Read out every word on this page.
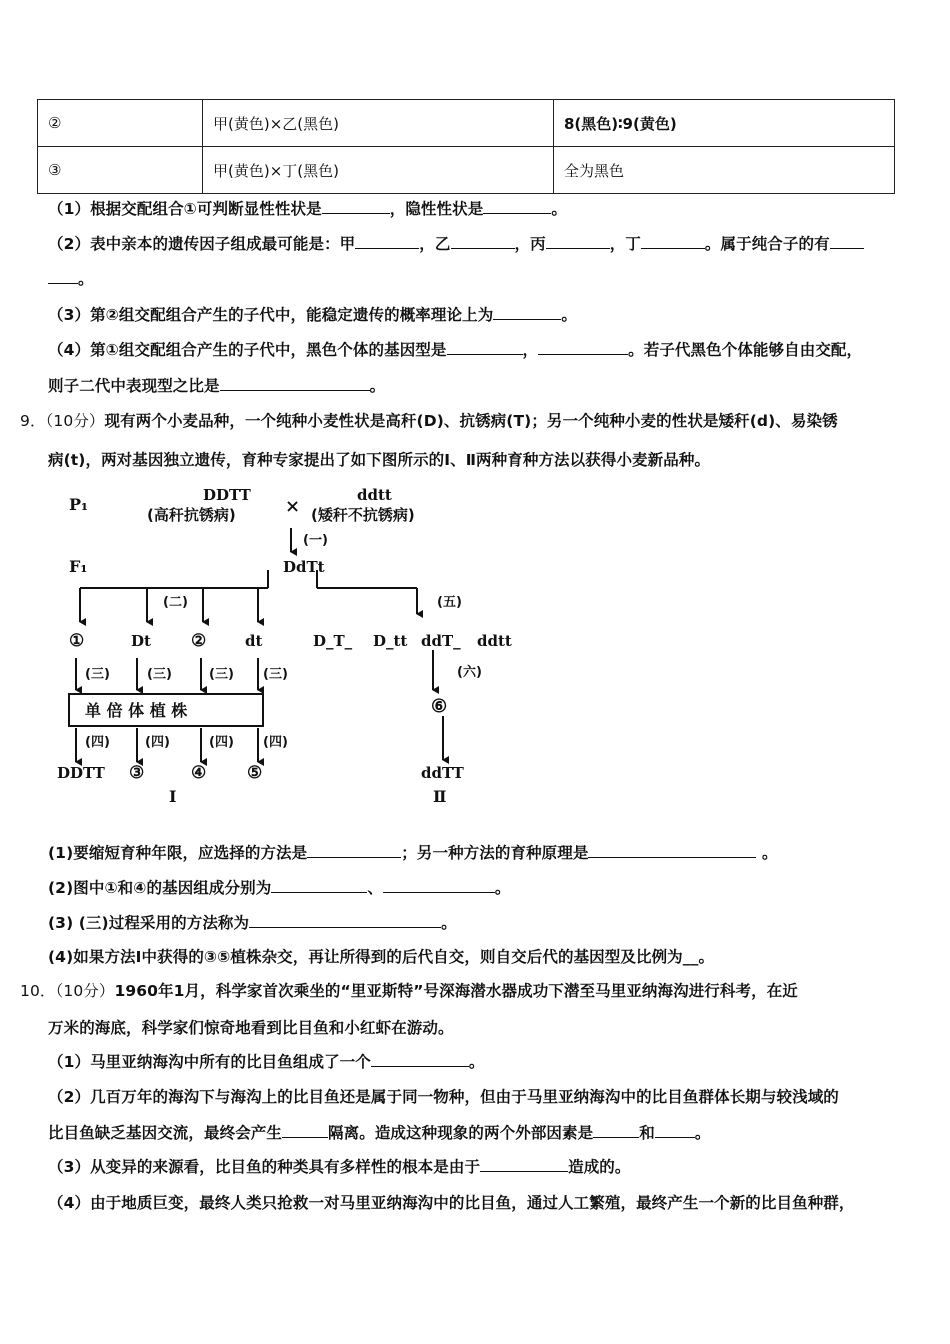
②	甲(黄色)×乙(黑色)	8(黑色)∶9(黄色)
③	甲(黄色)×丁(黑色)	全为黑色
（1）根据交配组合①可判断显性性状是	，隐性性状是	。
（2）表中亲本的遗传因子组成最可能是：甲	，乙	，丙	，丁	。属于纯合子的有
。
（3）第②组交配组合产生的子代中，能稳定遗传的概率理论上为	。
（4）第①组交配组合产生的子代中，黑色个体的基因型是	，	。若子代黑色个体能够自由交配，
则子二代中表现型之比是	。
9．（10分）现有两个小麦品种，一个纯种小麦性状是高秆(D)、抗锈病(T)；另一个纯种小麦的性状是矮秆(d)、易染锈
病(t)，两对基因独立遗传，育种专家提出了如下图所示的Ⅰ、Ⅱ两种育种方法以获得小麦新品种。
P₁	DDTT
(高秆抗锈病)	×
ddtt
(矮秆不抗锈病)
(一)
F₁	DdTt
(二)	(五)
①	Dt ②	dt	D_T_ D_tt ddT_ ddtt
(三)	(三)	(三) (三)
单 倍 体 植 株
(四)	(四)	(四) (四)
(六)
⑥
DDTT ③	④ ⑤	ddTT
Ⅰ	Ⅱ
(1)要缩短育种年限，应选择的方法是	；另一种方法的育种原理是	。
(2)图中①和④的基因组成分别为	、	。
(3) (三)过程采用的方法称为	。
(4)如果方法Ⅰ中获得的③⑤植株杂交，再让所得到的后代自交，则自交后代的基因型及比例为__。
10．（10分）1960年1月，科学家首次乘坐的“里亚斯特”号深海潜水器成功下潜至马里亚纳海沟进行科考，在近
万米的海底，科学家们惊奇地看到比目鱼和小红虾在游动。
（1）马里亚纳海沟中所有的比目鱼组成了一个	。
（2）几百万年的海沟下与海沟上的比目鱼还是属于同一物种，但由于马里亚纳海沟中的比目鱼群体长期与较浅域的
比目鱼缺乏基因交流，最终会产生	隔离。造成这种现象的两个外部因素是	和	。
（3）从变异的来源看，比目鱼的种类具有多样性的根本是由于	造成的。
（4）由于地质巨变，最终人类只抢救一对马里亚纳海沟中的比目鱼，通过人工繁殖，最终产生一个新的比目鱼种群，
